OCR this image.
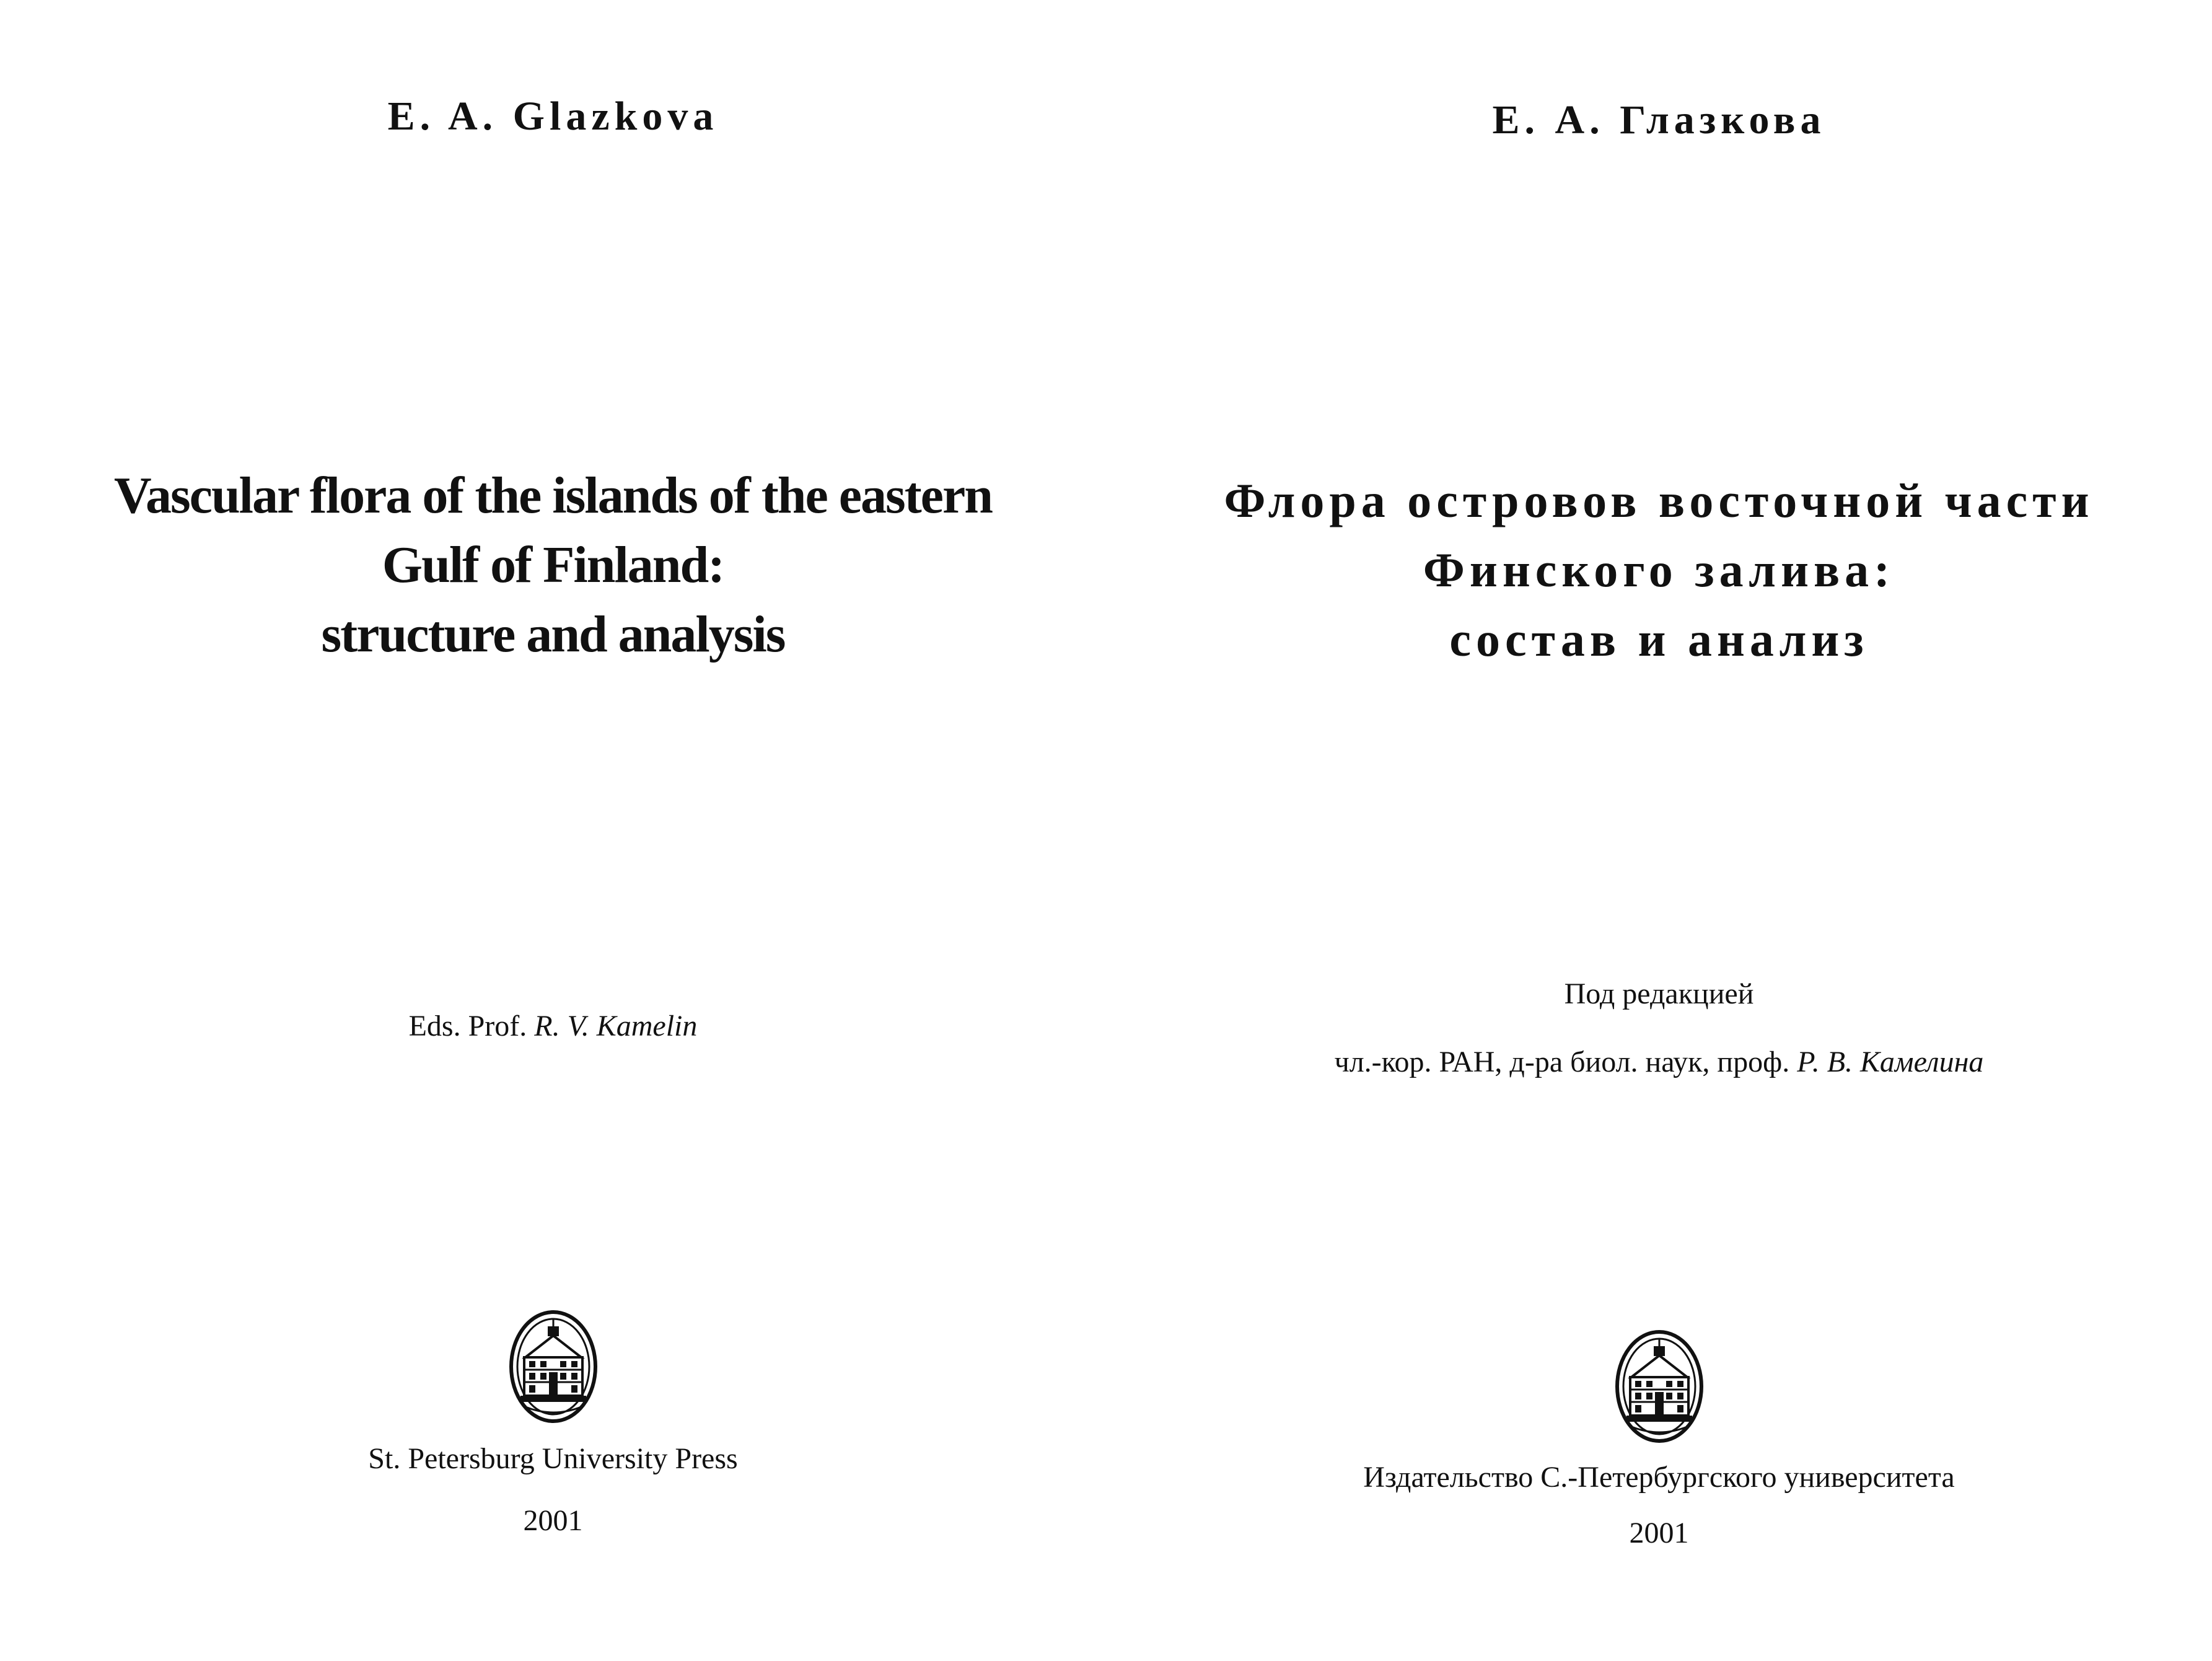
E. A. Glazkova
Vascular flora of the islands of the eastern
Gulf of Finland:
structure and analysis
Eds. Prof. R. V. Kamelin
St. Petersburg University Press
2001
Е. А. Глазкова
Флора островов восточной части
Финского залива:
состав и анализ
Под редакцией
чл.-кор. РАН, д-ра биол. наук, проф. Р. В. Камелина
Издательство С.-Петербургского университета
2001
